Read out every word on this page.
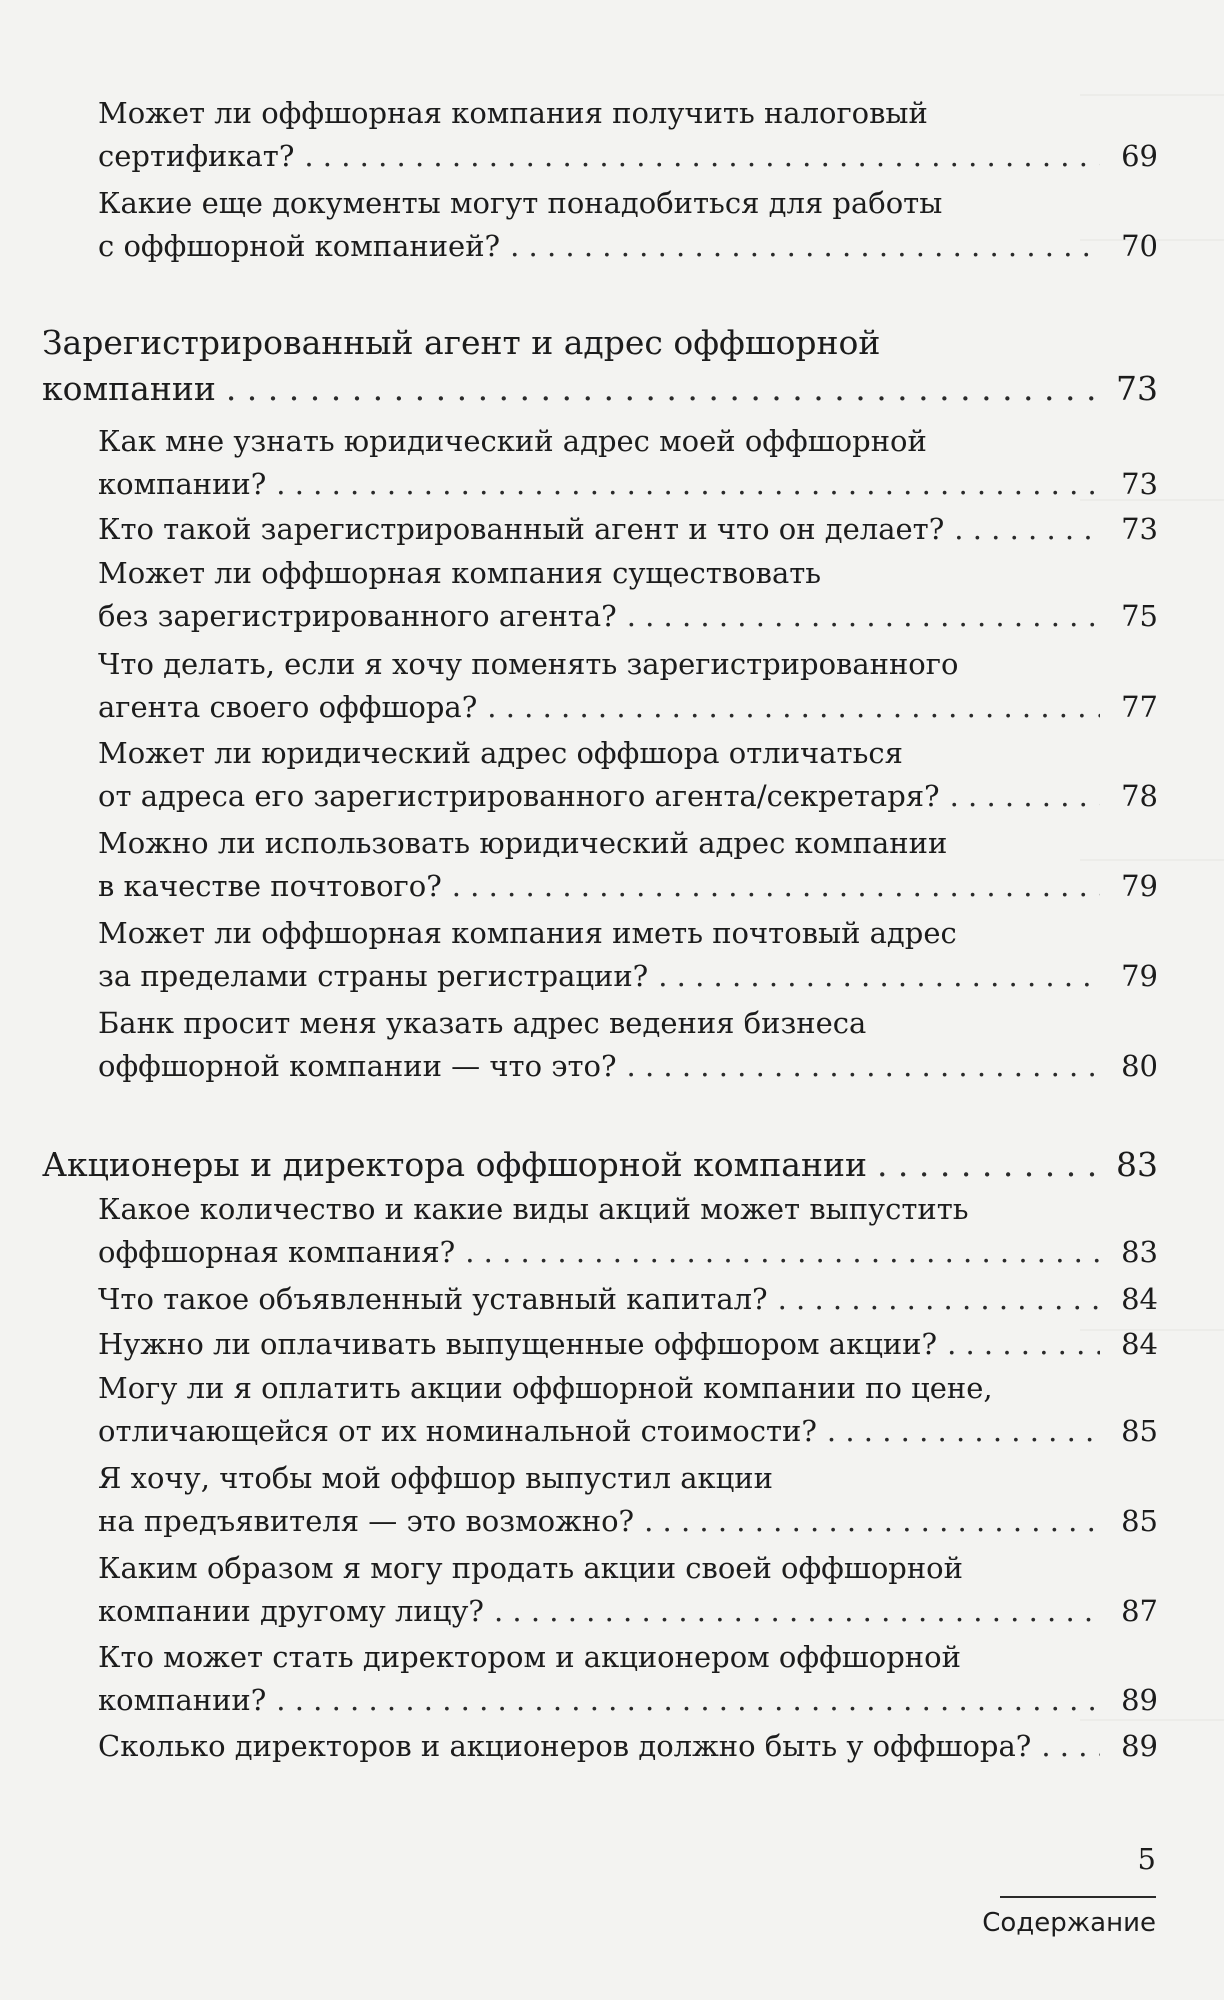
Может ли оффшорная компания получить налоговый
сертификат? . . .	69
Какие еще документы могут понадобиться для работы
с оффшорной компанией? . . .	70
Зарегистрированный агент и адрес оффшорной
компании . . .	73
Как мне узнать юридический адрес моей оффшорной
компании? . . .	73
Кто такой зарегистрированный агент и что он делает? . . .	73
Может ли оффшорная компания существовать
без зарегистрированного агента? . . .	75
Что делать, если я хочу поменять зарегистрированного
агента своего оффшора? . . .	77
Может ли юридический адрес оффшора отличаться
от адреса его зарегистрированного агента/секретаря? . . .	78
Можно ли использовать юридический адрес компании
в качестве почтового? . . .	79
Может ли оффшорная компания иметь почтовый адрес
за пределами страны регистрации? . . .	79
Банк просит меня указать адрес ведения бизнеса
оффшорной компании — что это? . . .	80
Акционеры и директора оффшорной компании . . .	83
Какое количество и какие виды акций может выпустить
оффшорная компания? . . .	83
Что такое объявленный уставный капитал? . . .	84
Нужно ли оплачивать выпущенные оффшором акции? . . .	84
Могу ли я оплатить акции оффшорной компании по цене,
отличающейся от их номинальной стоимости? . . .	85
Я хочу, чтобы мой оффшор выпустил акции
на предъявителя — это возможно? . . .	85
Каким образом я могу продать акции своей оффшорной
компании другому лицу? . . .	87
Кто может стать директором и акционером оффшорной
компании? . . .	89
Сколько директоров и акционеров должно быть у оффшора? . . .	89
5
Содержание
